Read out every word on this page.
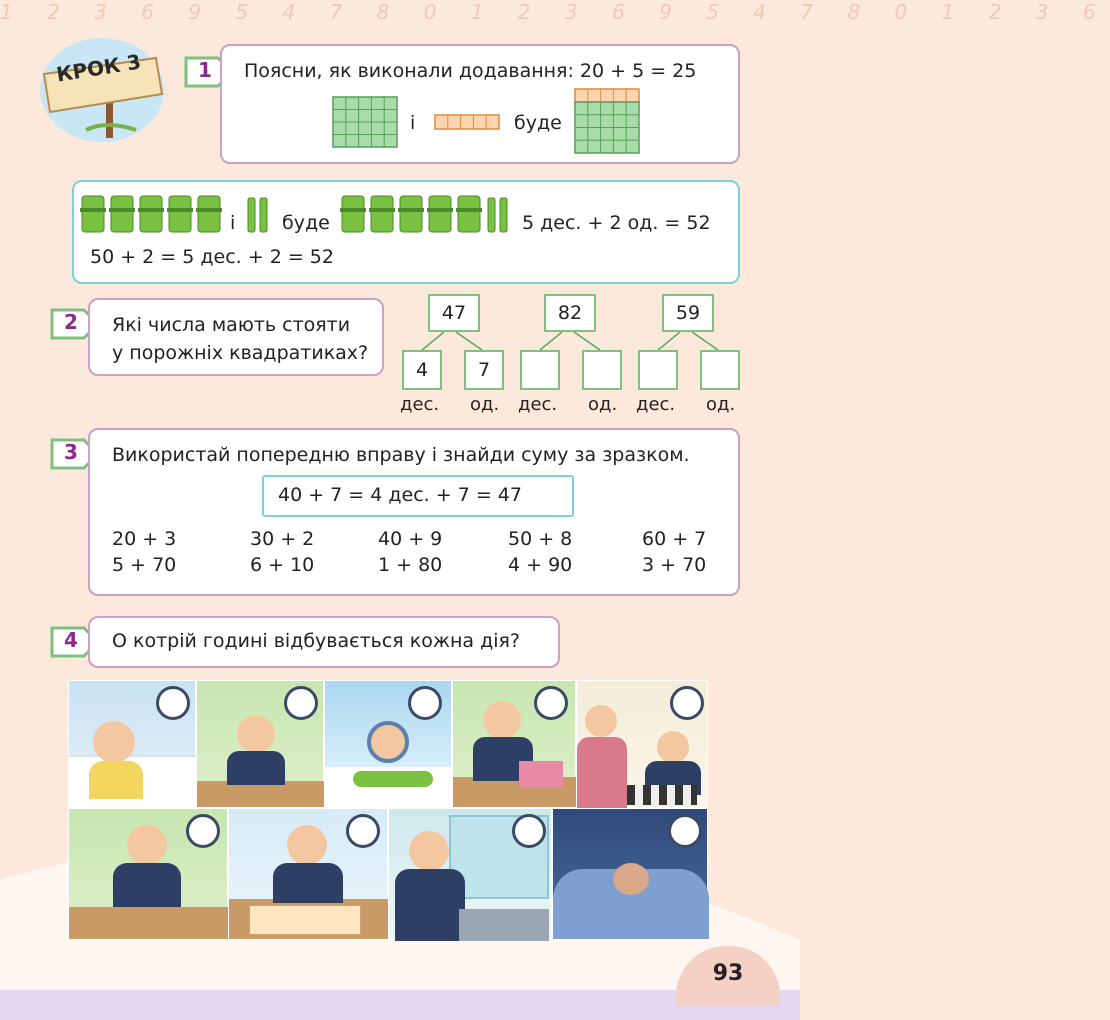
1 2 3 6 9 5 4 7 8 0 1 2 3 6 9 5 4 7 8 0 1 2 3 6
КРОК 3	1 Поясни, як виконали додавання: 20 + 5 = 25
і	буде
і буде	5 дес. + 2 од. = 52
50 + 2 = 5 дес. + 2 = 52
2 Які числа мають стояти
у порожніх квадратиках?
47	82	59
4	7
дес. од. дес. од. дес. од.
3 Використай попередню вправу і знайди суму за зразком.
40 + 7 = 4 дес. + 7 = 47
20 + 3	30 + 2	40 + 9	50 + 8	60 + 7
5 + 70	6 + 10	1 + 80	4 + 90	3 + 70
4 О котрій годині відбувається кожна дія?
93
